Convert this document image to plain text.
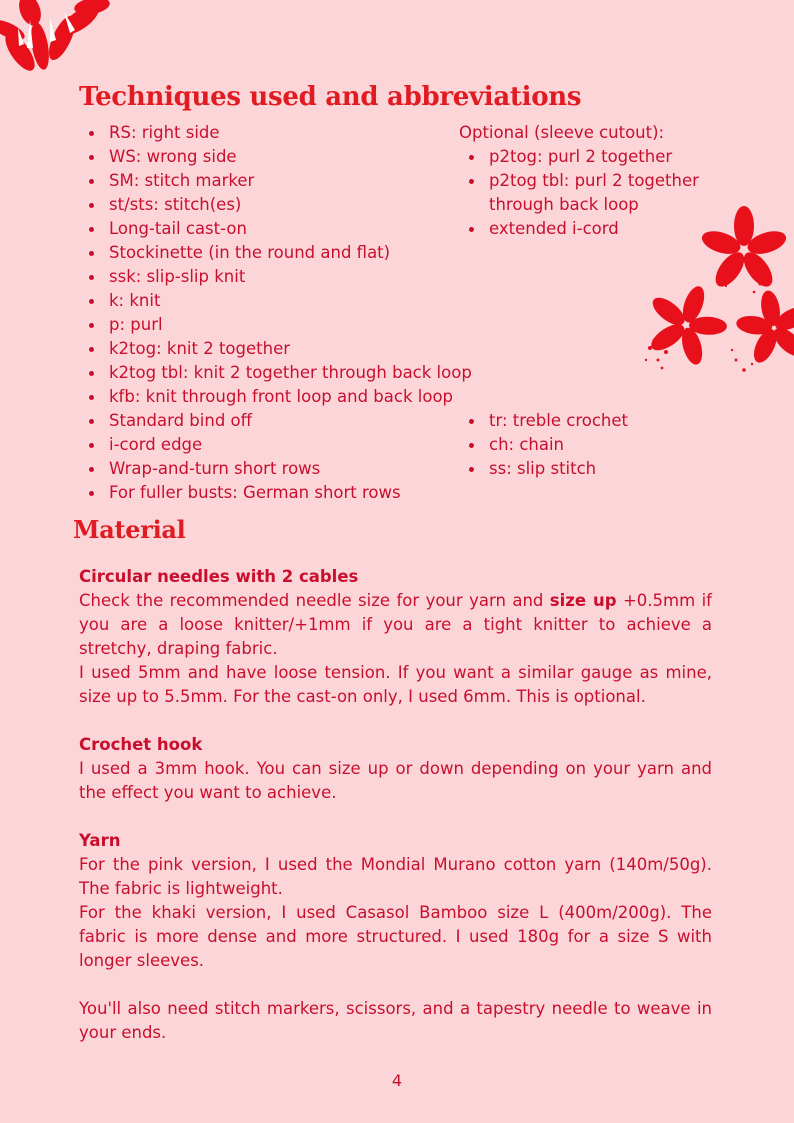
Techniques used and abbreviations
RS: right side
WS: wrong side
SM: stitch marker
st/sts: stitch(es)
Long-tail cast-on
Stockinette (in the round and flat)
ssk: slip-slip knit
k: knit
p: purl
k2tog: knit 2 together
k2tog tbl: knit 2 together through back loop
kfb: knit through front loop and back loop
Standard bind off
i-cord edge
Wrap-and-turn short rows
For fuller busts: German short rows
Optional (sleeve cutout):
p2tog: purl 2 together
p2tog tbl: purl 2 together through back loop
extended i-cord
tr: treble crochet
ch: chain
ss: slip stitch
Material
Circular needles with 2 cables
Check the recommended needle size for your yarn and size up +0.5mm if you are a loose knitter/+1mm if you are a tight knitter to achieve a stretchy, draping fabric.
I used 5mm and have loose tension. If you want a similar gauge as mine, size up to 5.5mm. For the cast-on only, I used 6mm. This is optional.
Crochet hook
I used a 3mm hook. You can size up or down depending on your yarn and the effect you want to achieve.
Yarn
For the pink version, I used the Mondial Murano cotton yarn (140m/50g). The fabric is lightweight.
For the khaki version, I used Casasol Bamboo size L (400m/200g). The fabric is more dense and more structured. I used 180g for a size S with longer sleeves.
You'll also need stitch markers, scissors, and a tapestry needle to weave in your ends.
4
